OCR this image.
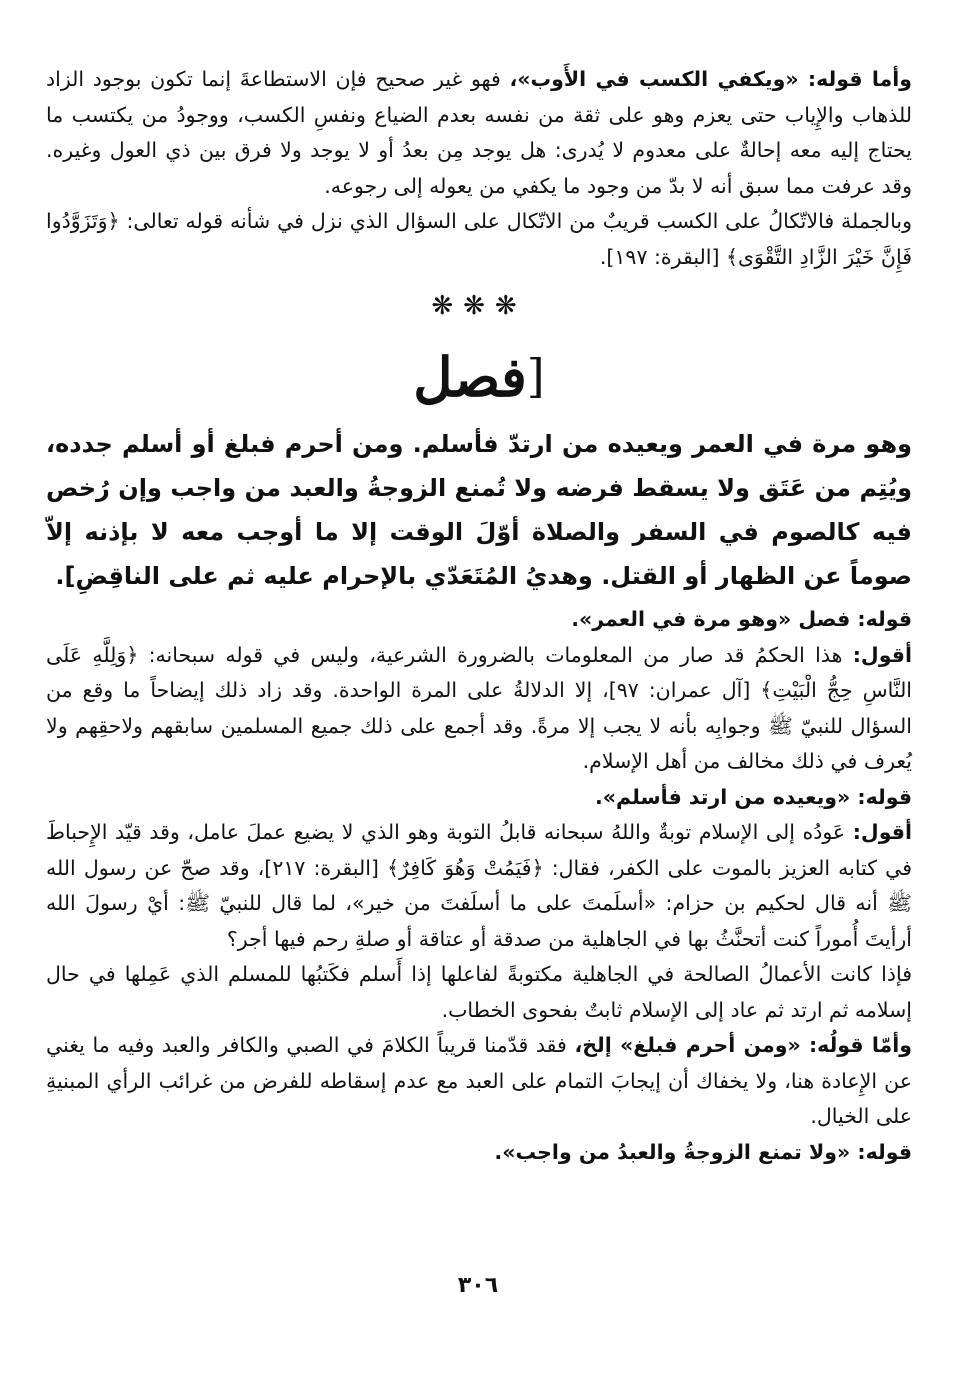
وأما قوله: «ويكفي الكسب في الأَوب»، فهو غير صحيح فإن الاستطاعةَ إنما تكون بوجود الزاد للذهاب والإِياب حتى يعزم وهو على ثقة من نفسه بعدم الضياع ونفسِ الكسب، ووجودُ من يكتسب ما يحتاج إليه معه إحالةٌ على معدوم لا يُدرى: هل يوجد مِن بعدُ أو لا يوجد ولا فرق بين ذي العول وغيره. وقد عرفت مما سبق أنه لا بدّ من وجود ما يكفي من يعوله إلى رجوعه.

وبالجملة فالاتّكالُ على الكسب قريبٌ من الاتّكال على السؤال الذي نزل في شأنه قوله تعالى: ﴿وَتَزَوَّدُوا فَإِنَّ خَيْرَ الزَّادِ التَّقْوَى﴾ [البقرة: ١٩٧].

❋❋❋
[فصل

وهو مرة في العمر ويعيده من ارتدّ فأسلم. ومن أحرم فبلغ أو أسلم جدده، ويُتِم من عَتَق ولا يسقط فرضه ولا تُمنع الزوجةُ والعبد من واجب وإن رُخص فيه كالصوم في السفر والصلاة أوّلَ الوقت إلا ما أوجب معه لا بإذنه إلاّ صوماً عن الظهار أو القتل. وهديُ المُتَعَدّي بالإحرام عليه ثم على الناقِضِ].

قوله: فصل «وهو مرة في العمر».

أقول: هذا الحكمُ قد صار من المعلومات بالضرورة الشرعية، وليس في قوله سبحانه: ﴿وَلِلَّهِ عَلَى النَّاسِ حِجُّ الْبَيْتِ﴾ [آل عمران: ٩٧]، إلا الدلالةُ على المرة الواحدة. وقد زاد ذلك إيضاحاً ما وقع من السؤال للنبيّ ﷺ وجوابِه بأنه لا يجب إلا مرةً. وقد أجمع على ذلك جميع المسلمين سابقهم ولاحقِهم ولا يُعرف في ذلك مخالف من أهل الإسلام.

قوله: «ويعيده من ارتد فأسلم».

أقول: عَودُه إلى الإسلام توبةٌ واللهُ سبحانه قابلُ التوبة وهو الذي لا يضيع عملَ عامل، وقد قيّد الإِحباطَ في كتابه العزيز بالموت على الكفر، فقال: ﴿فَيَمُتْ وَهُوَ كَافِرٌ﴾ [البقرة: ٢١٧]، وقد صحّ عن رسول الله ﷺ أنه قال لحكيم بن حزام: «أسلَمتَ على ما أسلَفتَ من خير»، لما قال للنبيّ ﷺ: أيْ رسولَ الله أرأيتَ أُموراً كنت أتحنَّثُ بها في الجاهلية من صدقة أو عتاقة أو صلةِ رحم فيها أجر؟

فإذا كانت الأعمالُ الصالحة في الجاهلية مكتوبةً لفاعلها إذا أَسلم فكَتبُها للمسلم الذي عَمِلها في حال إسلامه ثم ارتد ثم عاد إلى الإسلام ثابتٌ بفحوى الخطاب.

وأمّا قولُه: «ومن أحرم فبلغ» إلخ، فقد قدّمنا قريباً الكلامَ في الصبي والكافر والعبد وفيه ما يغني عن الإِعادة هنا، ولا يخفاك أن إيجابَ التمام على العبد مع عدم إسقاطه للفرض من غرائب الرأي المبنيةِ على الخيال.

قوله: «ولا تمنع الزوجةُ والعبدُ من واجب».

٣٠٦
